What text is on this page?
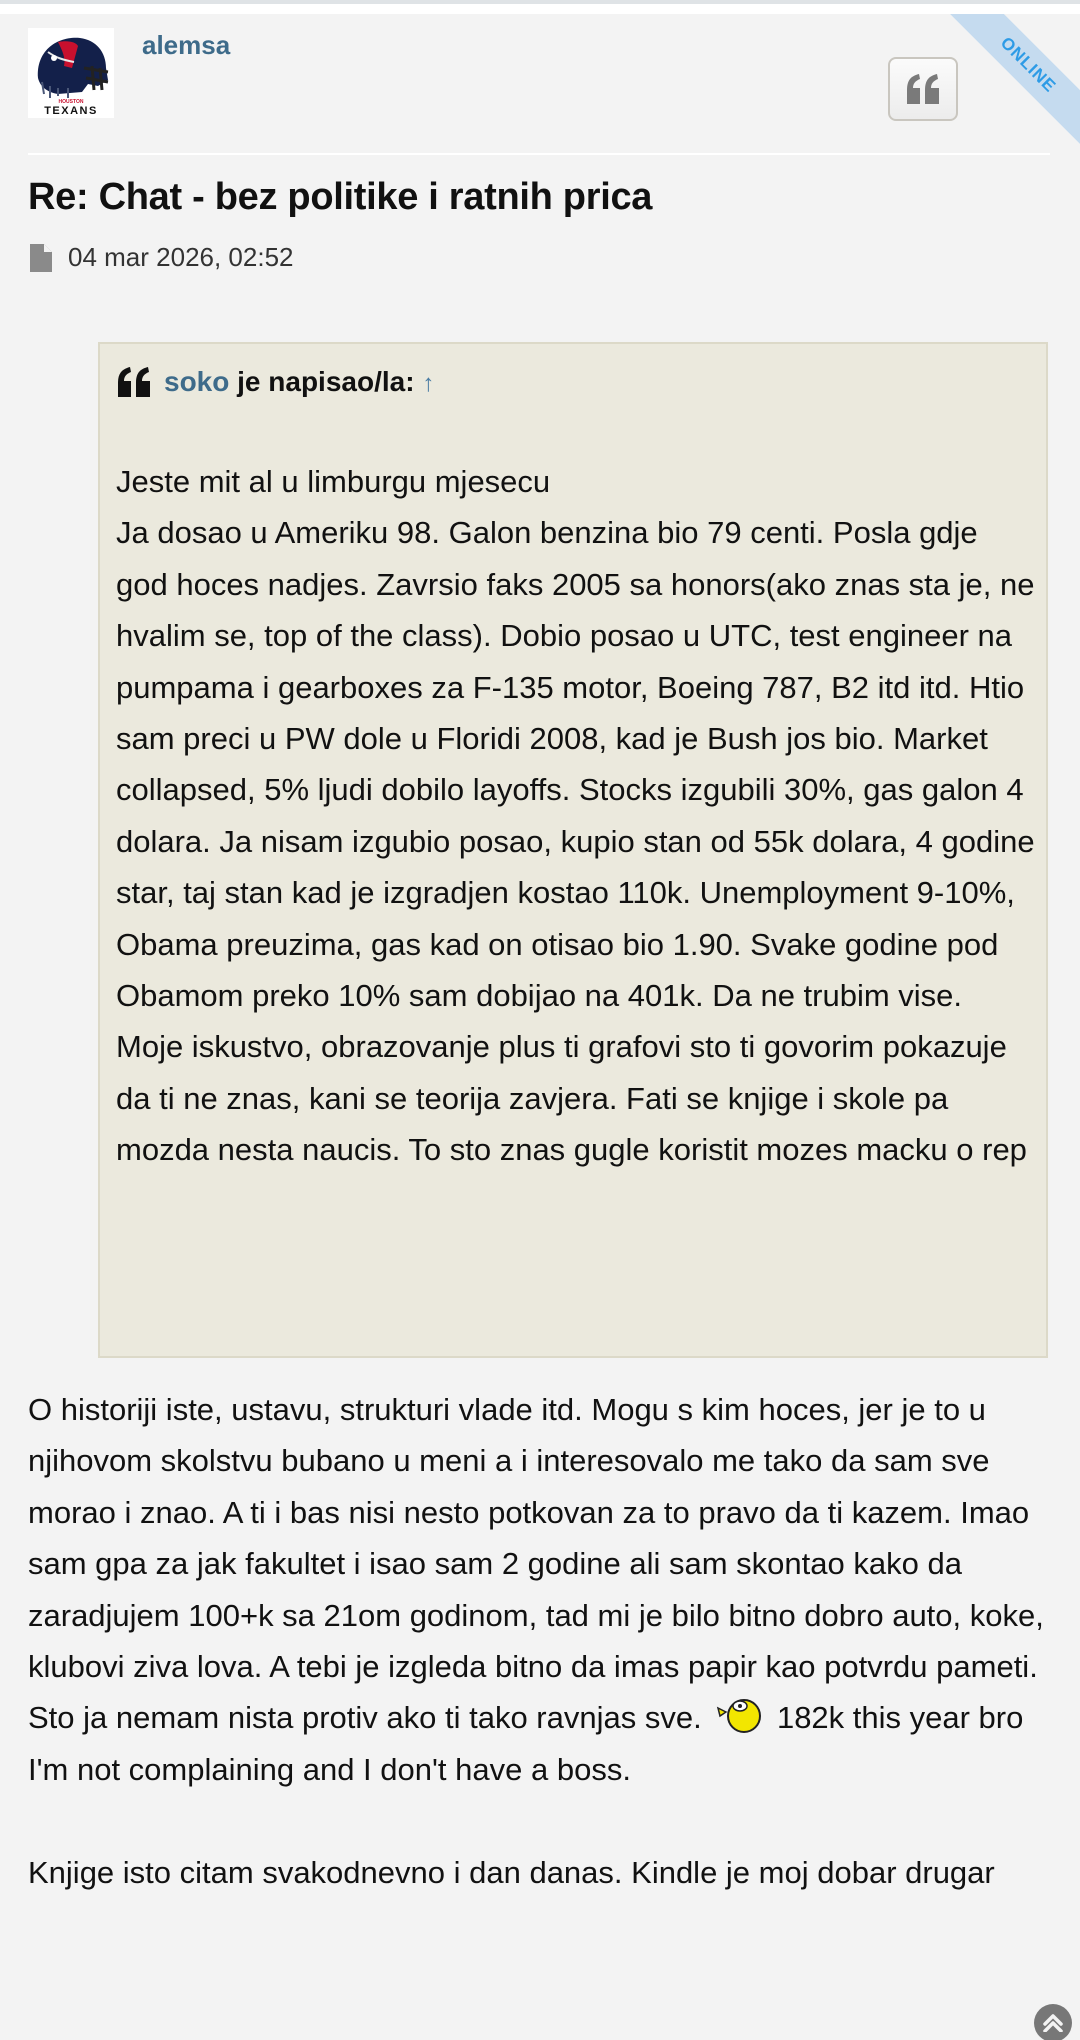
ONLINE
HOUSTON
TEXANS
alemsa
Re: Chat - bez politike i ratnih prica
04 mar 2026, 02:52
soko je napisao/la: ↑

Jeste mit al u limburgu mjesecu

Ja dosao u Ameriku 98. Galon benzina bio 79 centi. Posla gdje god hoces nadjes. Zavrsio faks 2005 sa honors(ako znas sta je, ne hvalim se, top of the class). Dobio posao u UTC, test engineer na pumpama i gearboxes za F-135 motor, Boeing 787, B2 itd itd. Htio sam preci u PW dole u Floridi 2008, kad je Bush jos bio. Market collapsed, 5% ljudi dobilo layoffs. Stocks izgubili 30%, gas galon 4 dolara. Ja nisam izgubio posao, kupio stan od 55k dolara, 4 godine star, taj stan kad je izgradjen kostao 110k. Unemployment 9-10%, Obama preuzima, gas kad on otisao bio 1.90. Svake godine pod Obamom preko 10% sam dobijao na 401k. Da ne trubim vise.

Moje iskustvo, obrazovanje plus ti grafovi sto ti govorim pokazuje da ti ne znas, kani se teorija zavjera. Fati se knjige i skole pa mozda nesta naucis. To sto znas gugle koristit mozes macku o rep

O historiji iste, ustavu, strukturi vlade itd. Mogu s kim hoces, jer je to u njihovom skolstvu bubano u meni a i interesovalo me tako da sam sve morao i znao. A ti i bas nisi nesto potkovan za to pravo da ti kazem. Imao sam gpa za jak fakultet i isao sam 2 godine ali sam skontao kako da zaradjujem 100+k sa 21om godinom, tad mi je bilo bitno dobro auto, koke, klubovi ziva lova. A tebi je izgleda bitno da imas papir kao potvrdu pameti. Sto ja nemam nista protiv ako ti tako ravnjas sve. 182k this year bro I'm not complaining and I don't have a boss.

Knjige isto citam svakodnevno i dan danas. Kindle je moj dobar drugar
